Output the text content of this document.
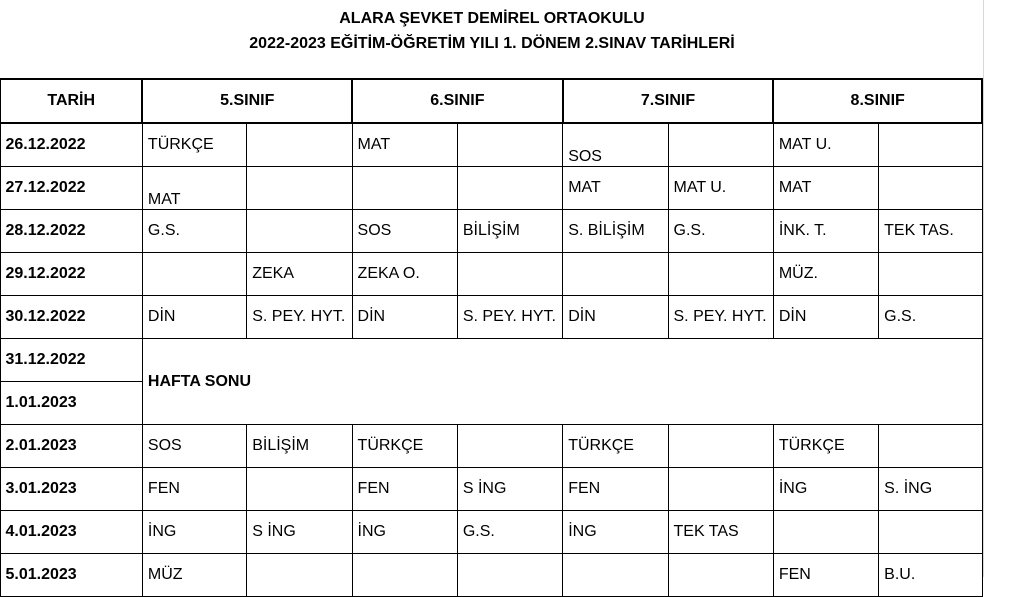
ALARA ŞEVKET DEMİREL ORTAOKULU
2022-2023 EĞİTİM-ÖĞRETİM YILI 1. DÖNEM 2.SINAV TARİHLERİ
TARİH	5.SINIF		6.SINIF		7.SINIF		8.SINIF	
26.12.2022	TÜRKÇE		MAT		SOS		MAT U.	
27.12.2022	MAT				MAT	MAT U.	MAT	
28.12.2022	G.S.		SOS	BİLİŞİM	S. BİLİŞİM	G.S.	İNK. T.	TEK TAS.
29.12.2022		ZEKA	ZEKA O.				MÜZ.	
30.12.2022	DİN	S. PEY. HYT.	DİN	S. PEY. HYT.	DİN	S. PEY. HYT.	DİN	G.S.
31.12.2022	HAFTA SONU							
1.01.2023								
2.01.2023	SOS	BİLİŞİM	TÜRKÇE		TÜRKÇE		TÜRKÇE	
3.01.2023	FEN		FEN	S İNG	FEN		İNG	S. İNG
4.01.2023	İNG	S İNG	İNG	G.S.	İNG	TEK TAS		
5.01.2023	MÜZ						FEN	B.U.
